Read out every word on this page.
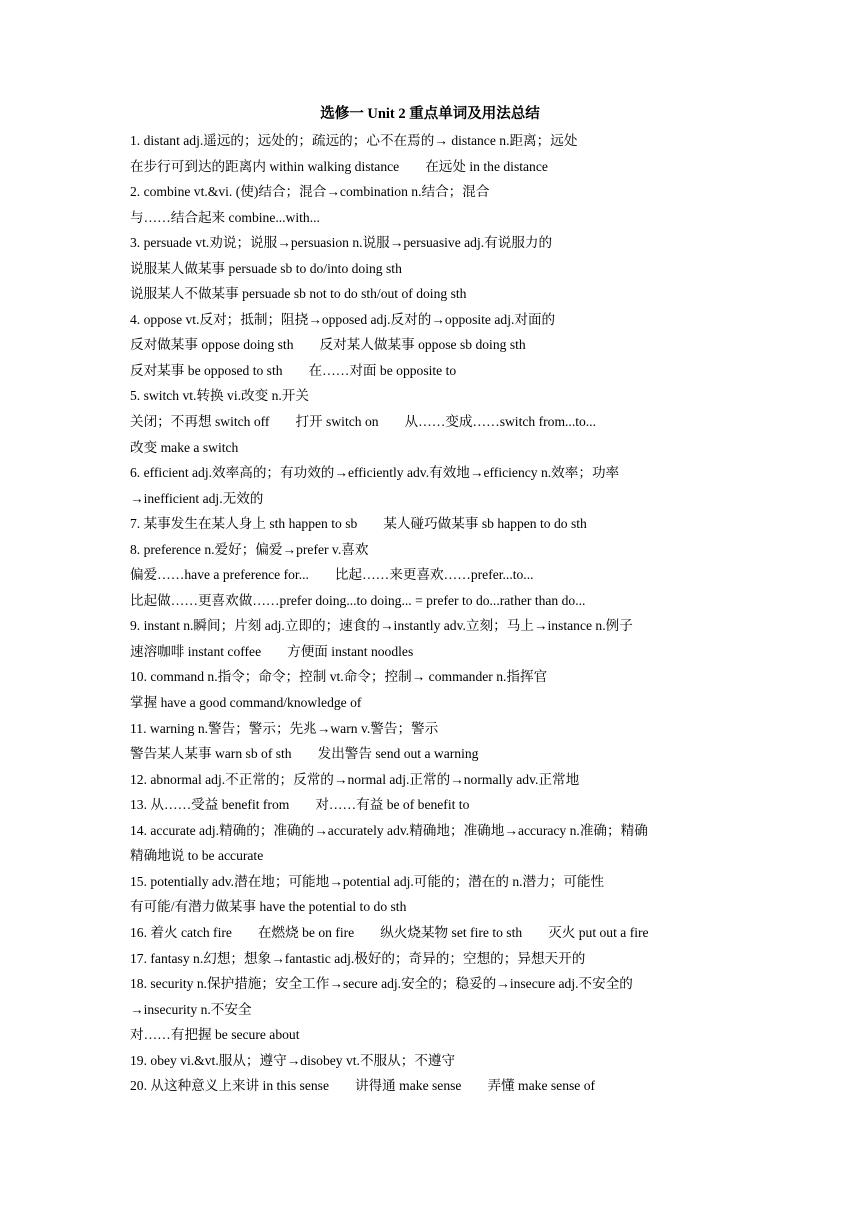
选修一 Unit 2 重点单词及用法总结
1. distant adj.遥远的；远处的；疏远的；心不在焉的→ distance n.距离；远处
在步行可到达的距离内 within walking distance 在远处 in the distance
2. combine vt.&vi. (使)结合；混合→combination n.结合；混合
与……结合起来 combine...with...
3. persuade vt.劝说；说服→persuasion n.说服→persuasive adj.有说服力的
说服某人做某事 persuade sb to do/into doing sth
说服某人不做某事 persuade sb not to do sth/out of doing sth
4. oppose vt.反对；抵制；阻挠→opposed adj.反对的→opposite adj.对面的
反对做某事 oppose doing sth 反对某人做某事 oppose sb doing sth
反对某事 be opposed to sth 在……对面 be opposite to
5. switch vt.转换 vi.改变 n.开关
关闭；不再想 switch off 打开 switch on 从……变成……switch from...to...
改变 make a switch
6. efficient adj.效率高的；有功效的→efficiently adv.有效地→efficiency n.效率；功率
→inefficient adj.无效的
7. 某事发生在某人身上 sth happen to sb 某人碰巧做某事 sb happen to do sth
8. preference n.爱好；偏爱→prefer v.喜欢
偏爱……have a preference for... 比起……来更喜欢……prefer...to...
比起做……更喜欢做……prefer doing...to doing... = prefer to do...rather than do...
9. instant n.瞬间；片刻 adj.立即的；速食的→instantly adv.立刻；马上→instance n.例子
速溶咖啡 instant coffee 方便面 instant noodles
10. command n.指令；命令；控制 vt.命令；控制→ commander n.指挥官
掌握 have a good command/knowledge of
11. warning n.警告；警示；先兆→warn v.警告；警示
警告某人某事 warn sb of sth 发出警告 send out a warning
12. abnormal adj.不正常的；反常的→normal adj.正常的→normally adv.正常地
13. 从……受益 benefit from 对……有益 be of benefit to
14. accurate adj.精确的；准确的→accurately adv.精确地；准确地→accuracy n.准确；精确
精确地说 to be accurate
15. potentially adv.潜在地；可能地→potential adj.可能的；潜在的 n.潜力；可能性
有可能/有潜力做某事 have the potential to do sth
16. 着火 catch fire 在燃烧 be on fire 纵火烧某物 set fire to sth 灭火 put out a fire
17. fantasy n.幻想；想象→fantastic adj.极好的；奇异的；空想的；异想天开的
18. security n.保护措施；安全工作→secure adj.安全的；稳妥的→insecure adj.不安全的
→insecurity n.不安全
对……有把握 be secure about
19. obey vi.&vt.服从；遵守→disobey vt.不服从；不遵守
20. 从这种意义上来讲 in this sense 讲得通 make sense 弄懂 make sense of
